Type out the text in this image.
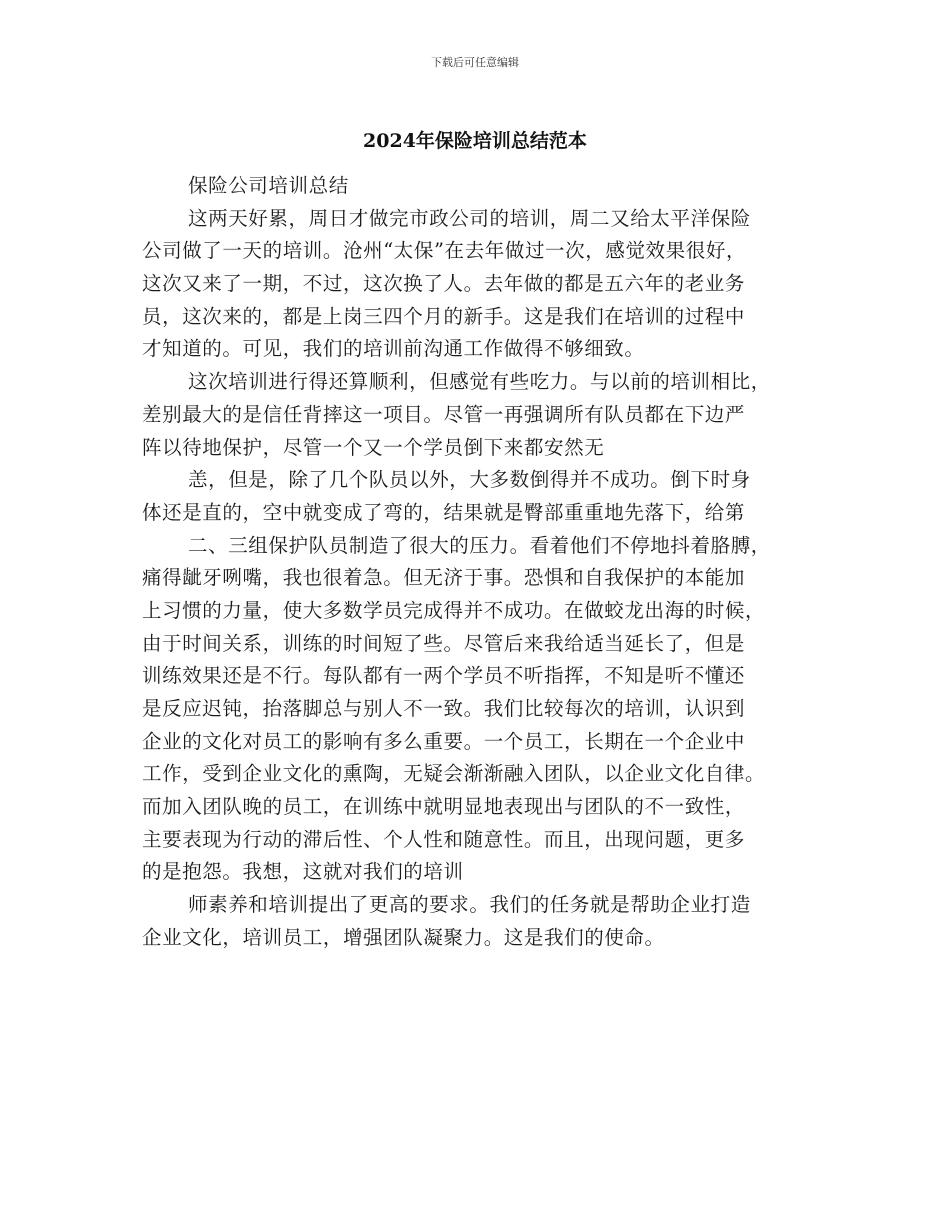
下载后可任意编辑
2024年保险培训总结范本
保险公司培训总结
这两天好累，周日才做完市政公司的培训，周二又给太平洋保险
公司做了一天的培训。沧州“太保”在去年做过一次，感觉效果很好，
这次又来了一期，不过，这次换了人。去年做的都是五六年的老业务
员，这次来的，都是上岗三四个月的新手。这是我们在培训的过程中
才知道的。可见，我们的培训前沟通工作做得不够细致。
这次培训进行得还算顺利，但感觉有些吃力。与以前的培训相比，
差别最大的是信任背摔这一项目。尽管一再强调所有队员都在下边严
阵以待地保护，尽管一个又一个学员倒下来都安然无
恙，但是，除了几个队员以外，大多数倒得并不成功。倒下时身
体还是直的，空中就变成了弯的，结果就是臀部重重地先落下，给第
二、三组保护队员制造了很大的压力。看着他们不停地抖着胳膊，
痛得龇牙咧嘴，我也很着急。但无济于事。恐惧和自我保护的本能加
上习惯的力量，使大多数学员完成得并不成功。在做蛟龙出海的时候，
由于时间关系，训练的时间短了些。尽管后来我给适当延长了，但是
训练效果还是不行。每队都有一两个学员不听指挥，不知是听不懂还
是反应迟钝，抬落脚总与别人不一致。我们比较每次的培训，认识到
企业的文化对员工的影响有多么重要。一个员工，长期在一个企业中
工作，受到企业文化的熏陶，无疑会渐渐融入团队，以企业文化自律。
而加入团队晚的员工，在训练中就明显地表现出与团队的不一致性，
主要表现为行动的滞后性、个人性和随意性。而且，出现问题，更多
的是抱怨。我想，这就对我们的培训
师素养和培训提出了更高的要求。我们的任务就是帮助企业打造
企业文化，培训员工，增强团队凝聚力。这是我们的使命。
